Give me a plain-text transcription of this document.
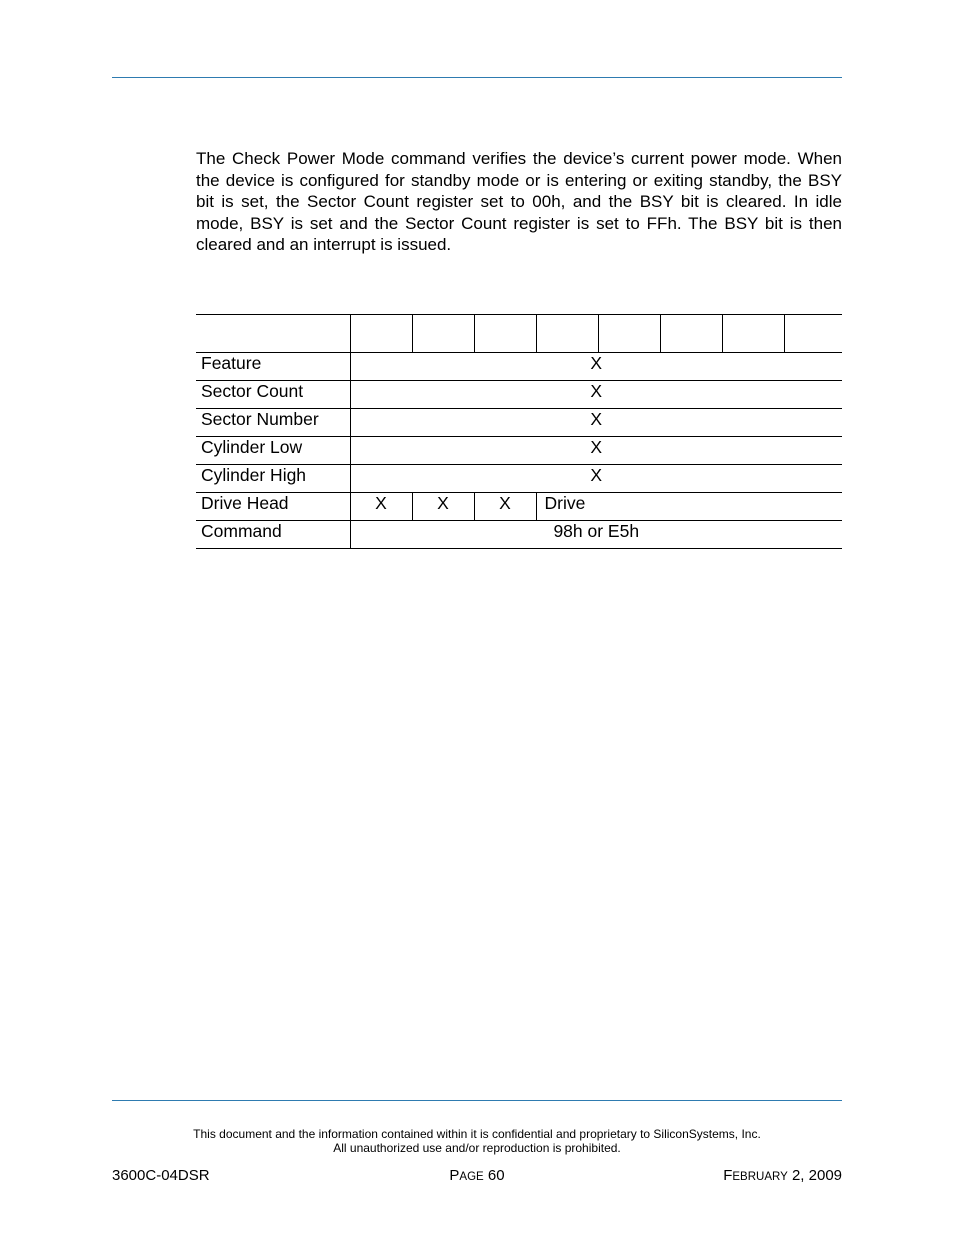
The Check Power Mode command verifies the device’s current power mode. When the device is configured for standby mode or is entering or exiting standby, the BSY bit is set, the Sector Count register set to 00h, and the BSY bit is cleared. In idle mode, BSY is set and the Sector Count register is set to FFh. The BSY bit is then cleared and an interrupt is issued.

Feature	X							
Sector Count	X							
Sector Number	X							
Cylinder Low	X							
Cylinder High	X							
Drive Head	X	X	X	Drive				
Command	98h or E5h							
This document and the information contained within it is confidential and proprietary to SiliconSystems, Inc.
All unauthorized use and/or reproduction is prohibited.
3600C-04DSR	PAGE 60	FEBRUARY 2, 2009
